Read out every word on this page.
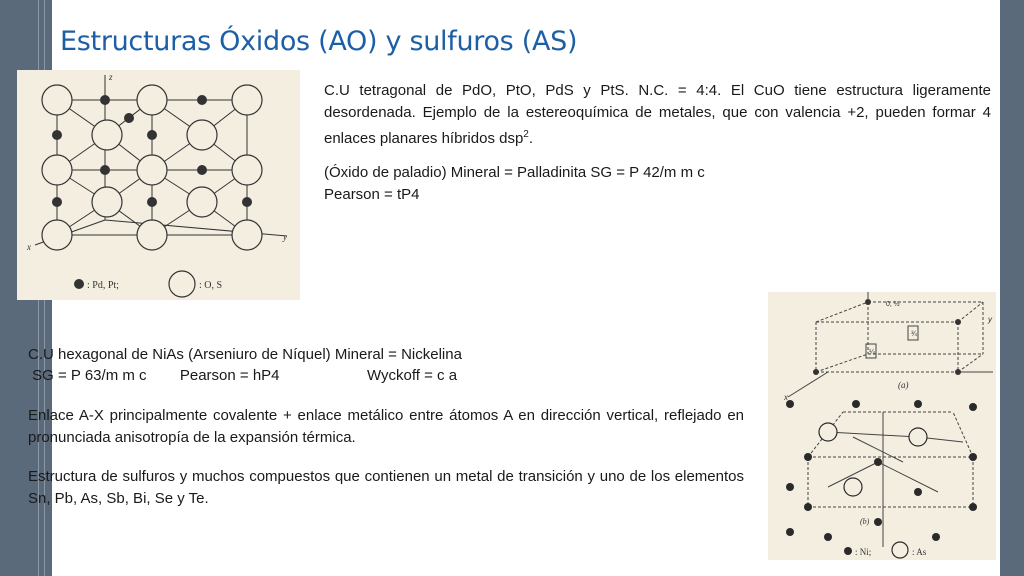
Estructuras Óxidos (AO) y sulfuros (AS)
z
y
x
: Pd, Pt;	: O, S
C.U tetragonal de PdO, PtO, PdS y PtS. N.C. = 4:4. El CuO tiene estructura ligeramente desordenada. Ejemplo de la estereoquímica de metales, que con valencia +2, pueden formar 4 enlaces planares híbridos dsp$^2$.
(Óxido de paladio) Mineral = Palladinita SG = P 42/m m c
Pearson = tP4
¾
¼
0, ½
(a)
y
x
(b)
: Ni;	: As
C.U hexagonal de NiAs (Arseniuro de Níquel) Mineral = Nickelina
SG = P 63/m m c        Pearson = hP4                     Wyckoff = c a
Enlace A-X principalmente covalente + enlace metálico entre átomos A en dirección vertical, reflejado en pronunciada anisotropía de la expansión térmica.
Estructura de sulfuros y muchos compuestos que contienen un metal de transición y uno de los elementos Sn, Pb, As, Sb, Bi, Se y Te.
